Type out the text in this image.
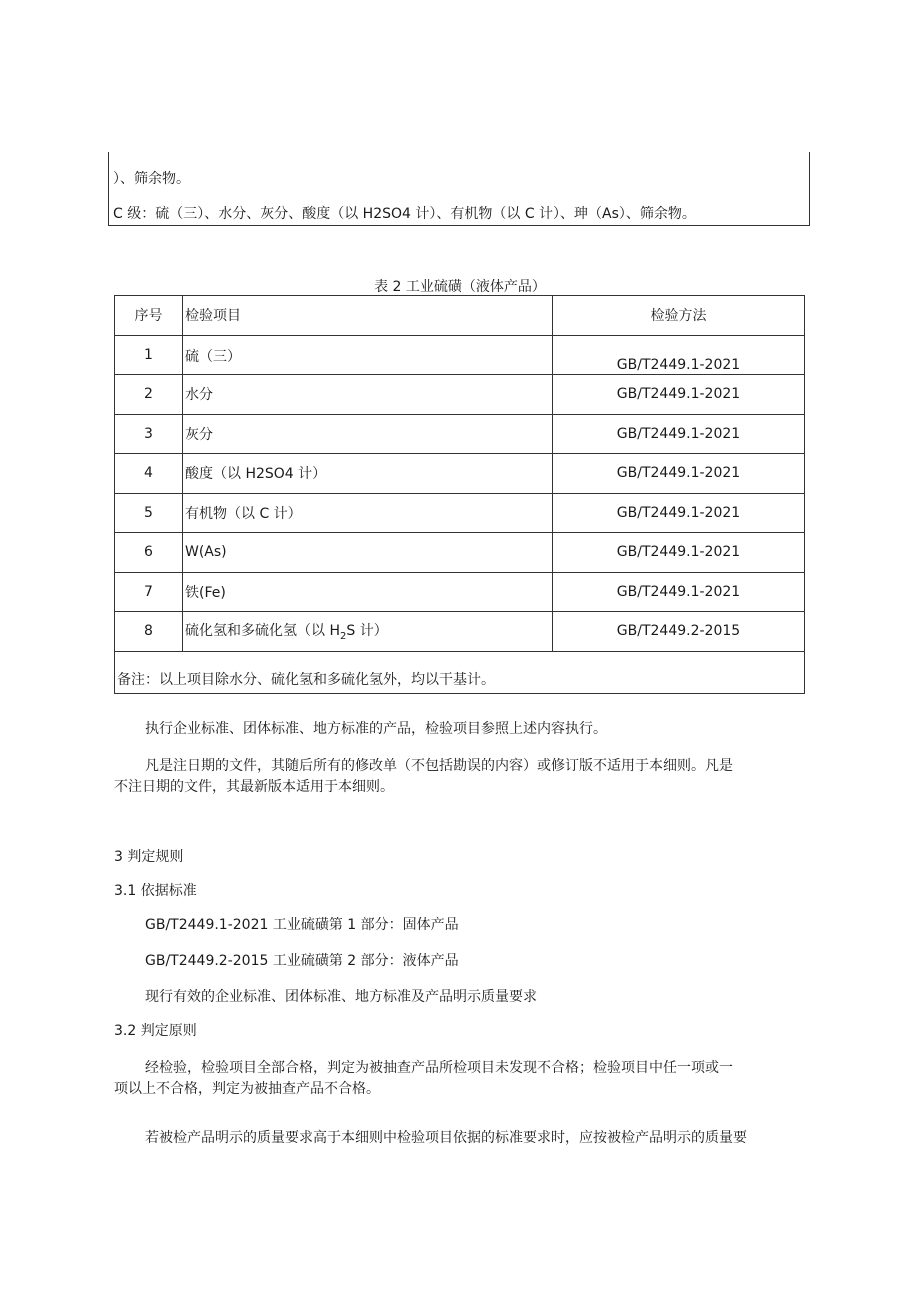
）、筛余物。
C 级：硫（三）、水分、灰分、酸度（以 H2SO4 计）、有机物（以 C 计）、珅（As）、筛余物。
表 2 工业硫磺（液体产品）
序号	检验项目	检验方法
1	硫（三）	GB/T2449.1-2021
2	水分	GB/T2449.1-2021
3	灰分	GB/T2449.1-2021
4	酸度（以 H2SO4 计）	GB/T2449.1-2021
5	有机物（以 C 计）	GB/T2449.1-2021
6	W(As)	GB/T2449.1-2021
7	铁(Fe)	GB/T2449.1-2021
8	硫化氢和多硫化氢（以 $H_2S$ 计）	GB/T2449.2-2015
备注：以上项目除水分、硫化氢和多硫化氢外，均以干基计。		
执行企业标准、团体标准、地方标准的产品，检验项目参照上述内容执行。
凡是注日期的文件，其随后所有的修改单（不包括勘误的内容）或修订版不适用于本细则。凡是
不注日期的文件，其最新版本适用于本细则。
3 判定规则
3.1 依据标准
GB/T2449.1-2021 工业硫磺第 1 部分：固体产品
GB/T2449.2-2015 工业硫磺第 2 部分：液体产品
现行有效的企业标准、团体标准、地方标准及产品明示质量要求
3.2 判定原则
经检验，检验项目全部合格，判定为被抽查产品所检项目未发现不合格；检验项目中任一项或一
项以上不合格，判定为被抽查产品不合格。
若被检产品明示的质量要求高于本细则中检验项目依据的标准要求时，应按被检产品明示的质量要
